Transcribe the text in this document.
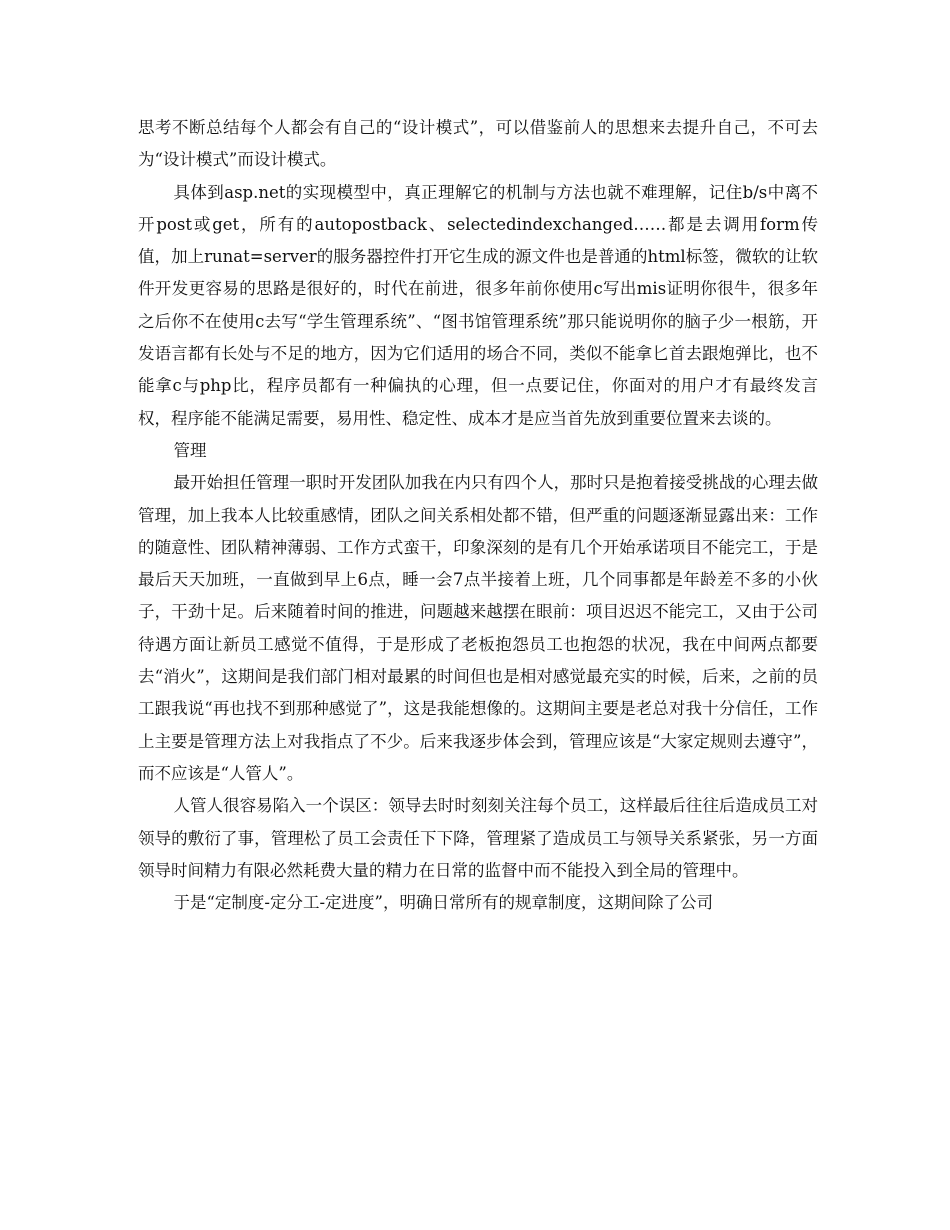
思考不断总结每个人都会有自己的“设计模式”，可以借鉴前人的思想来去提升自己，不可去为“设计模式”而设计模式。

具体到asp.net的实现模型中，真正理解它的机制与方法也就不难理解，记住b/s中离不开post或get，所有的autopostback、selectedindexchanged……都是去调用form传值，加上runat=server的服务器控件打开它生成的源文件也是普通的html标签，微软的让软件开发更容易的思路是很好的，时代在前进，很多年前你使用c写出mis证明你很牛，很多年之后你不在使用c去写“学生管理系统”、“图书馆管理系统”那只能说明你的脑子少一根筋，开发语言都有长处与不足的地方，因为它们适用的场合不同，类似不能拿匕首去跟炮弹比，也不能拿c与php比，程序员都有一种偏执的心理，但一点要记住，你面对的用户才有最终发言权，程序能不能满足需要，易用性、稳定性、成本才是应当首先放到重要位置来去谈的。

管理

最开始担任管理一职时开发团队加我在内只有四个人，那时只是抱着接受挑战的心理去做管理，加上我本人比较重感情，团队之间关系相处都不错，但严重的问题逐渐显露出来：工作的随意性、团队精神薄弱、工作方式蛮干，印象深刻的是有几个开始承诺项目不能完工，于是最后天天加班，一直做到早上6点，睡一会7点半接着上班，几个同事都是年龄差不多的小伙子，干劲十足。后来随着时间的推进，问题越来越摆在眼前：项目迟迟不能完工，又由于公司待遇方面让新员工感觉不值得，于是形成了老板抱怨员工也抱怨的状况，我在中间两点都要去“消火”，这期间是我们部门相对最累的时间但也是相对感觉最充实的时候，后来，之前的员工跟我说“再也找不到那种感觉了”，这是我能想像的。这期间主要是老总对我十分信任，工作上主要是管理方法上对我指点了不少。后来我逐步体会到，管理应该是“大家定规则去遵守”，而不应该是“人管人”。

人管人很容易陷入一个误区：领导去时时刻刻关注每个员工，这样最后往往后造成员工对领导的敷衍了事，管理松了员工会责任下下降，管理紧了造成员工与领导关系紧张，另一方面领导时间精力有限必然耗费大量的精力在日常的监督中而不能投入到全局的管理中。

于是“定制度-定分工-定进度”，明确日常所有的规章制度，这期间除了公司
